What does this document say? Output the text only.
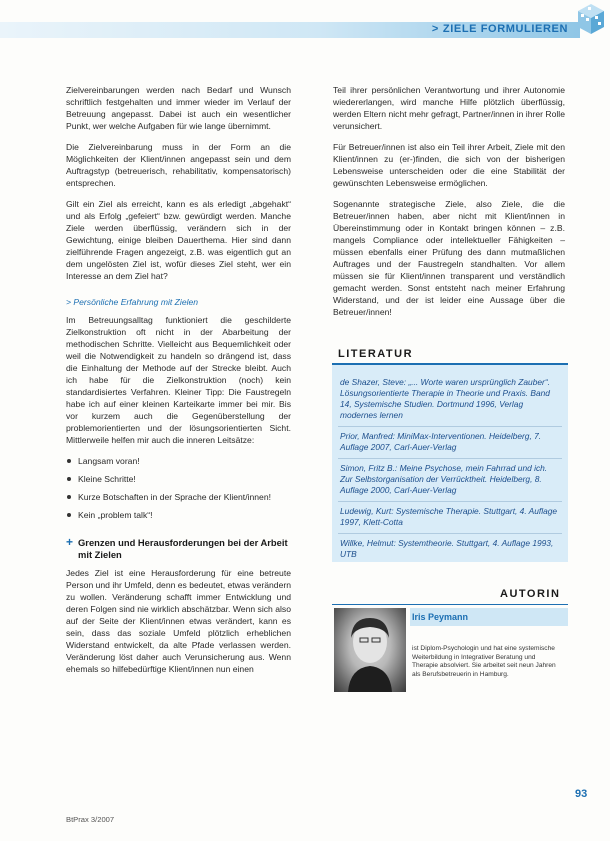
> ZIELE FORMULIEREN

Zielvereinbarungen werden nach Bedarf und Wunsch schriftlich festgehalten und immer wieder im Verlauf der Betreuung angepasst. Dabei ist auch ein wesentlicher Punkt, wer welche Aufgaben für wie lange übernimmt.

Die Zielvereinbarung muss in der Form an die Möglichkeiten der Klient/innen angepasst sein und dem Auftragstyp (betreuerisch, rehabilitativ, kompensatorisch) entsprechen.

Gilt ein Ziel als erreicht, kann es als erledigt „abgehakt“ und als Erfolg „gefeiert“ bzw. gewürdigt werden. Manche Ziele werden überflüssig, verändern sich in der Gewichtung, einige bleiben Dauerthema. Hier sind dann zielführende Fragen angezeigt, z.B. was eigentlich gut an dem ungelösten Ziel ist, wofür dieses Ziel steht, wer ein Interesse an dem Ziel hat?

> Persönliche Erfahrung mit Zielen

Im Betreuungsalltag funktioniert die geschilderte Zielkonstruktion oft nicht in der Abarbeitung der methodischen Schritte. Vielleicht aus Bequemlichkeit oder weil die Notwendigkeit zu handeln so drängend ist, dass die Einhaltung der Methode auf der Strecke bleibt. Auch ich habe für die Zielkonstruktion (noch) kein standardisiertes Verfahren. Kleiner Tipp: Die Faustregeln habe ich auf einer kleinen Karteikarte immer bei mir. Bis vor kurzem auch die Gegenüberstellung der problemorientierten und der lösungsorientierten Sicht. Mittlerweile helfen mir auch die inneren Leitsätze:

Langsam voran!
Kleine Schritte!
Kurze Botschaften in der Sprache der Klient/innen!
Kein „problem talk“!
+ Grenzen und Herausforderungen bei der Arbeit mit Zielen

Jedes Ziel ist eine Herausforderung für eine betreute Person und ihr Umfeld, denn es bedeutet, etwas verändern zu wollen. Veränderung schafft immer Entwicklung und deren Folgen sind nie wirklich abschätzbar. Wenn sich also auf der Seite der Klient/innen etwas verändert, kann es sein, dass das soziale Umfeld plötzlich erheblichen Widerstand entwickelt, da alte Pfade verlassen werden. Veränderung löst daher auch Verunsicherung aus. Wenn ehemals so hilfebedürftige Klient/innen nun einen

Teil ihrer persönlichen Verantwortung und ihrer Autonomie wiedererlangen, wird manche Hilfe plötzlich überflüssig, werden Eltern nicht mehr gefragt, Partner/innen in ihrer Rolle verunsichert.

Für Betreuer/innen ist also ein Teil ihrer Arbeit, Ziele mit den Klient/innen zu (er-)finden, die sich von der bisherigen Lebensweise unterscheiden oder die eine Stabilität der gewünschten Lebensweise ermöglichen.

Sogenannte strategische Ziele, also Ziele, die die Betreuer/innen haben, aber nicht mit Klient/innen in Übereinstimmung oder in Kontakt bringen können – z.B. mangels Compliance oder intellektueller Fähigkeiten – müssen ebenfalls einer Prüfung des dann mutmaßlichen Auftrages und der Faustregeln standhalten. Vor allem müssen sie für Klient/innen transparent und verständlich gemacht werden. Sonst entsteht nach meiner Erfahrung Widerstand, und der ist leider eine Aussage über die Betreuer/innen!

LITERATUR
de Shazer, Steve: „... Worte waren ursprünglich Zauber“. Lösungsorientierte Therapie in Theorie und Praxis. Band 14, Systemische Studien. Dortmund 1996, Verlag modernes lernen
Prior, Manfred: MiniMax-Interventionen. Heidelberg, 7. Auflage 2007, Carl-Auer-Verlag
Simon, Fritz B.: Meine Psychose, mein Fahrrad und ich. Zur Selbstorganisation der Verrücktheit. Heidelberg, 8. Auflage 2000, Carl-Auer-Verlag
Ludewig, Kurt: Systemische Therapie. Stuttgart, 4. Auflage 1997, Klett-Cotta
Willke, Helmut: Systemtheorie. Stuttgart, 4. Auflage 1993, UTB
AUTORIN
Iris Peymann
ist Diplom-Psychologin und hat eine systemische Weiterbildung in Integrativer Beratung und Therapie absolviert. Sie arbeitet seit neun Jahren als Berufsbetreuerin in Hamburg.
BtPrax 3/2007
93
